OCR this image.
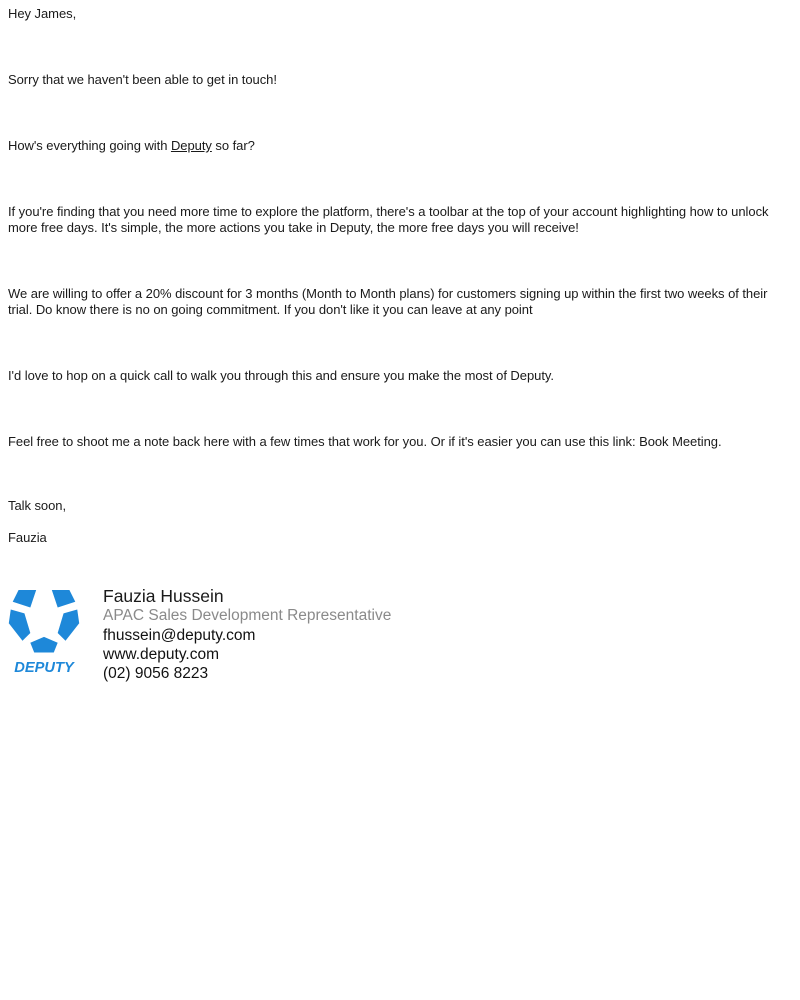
Hey James,

Sorry that we haven't been able to get in touch!

How's everything going with Deputy so far?

If you're finding that you need more time to explore the platform, there's a toolbar at the top of your account highlighting how to unlock more free days. It's simple, the more actions you take in Deputy, the more free days you will receive!

We are willing to offer a 20% discount for 3 months (Month to Month plans) for customers signing up within the first two weeks of their trial. Do know there is no on going commitment. If you don't like it you can leave at any point

I'd love to hop on a quick call to walk you through this and ensure you make the most of Deputy.

Feel free to shoot me a note back here with a few times that work for you. Or if it's easier you can use this link: Book Meeting.

Talk soon,

Fauzia

DEPUTY
Fauzia Hussein
APAC Sales Development Representative
fhussein@deputy.com
www.deputy.com
(02) 9056 8223
